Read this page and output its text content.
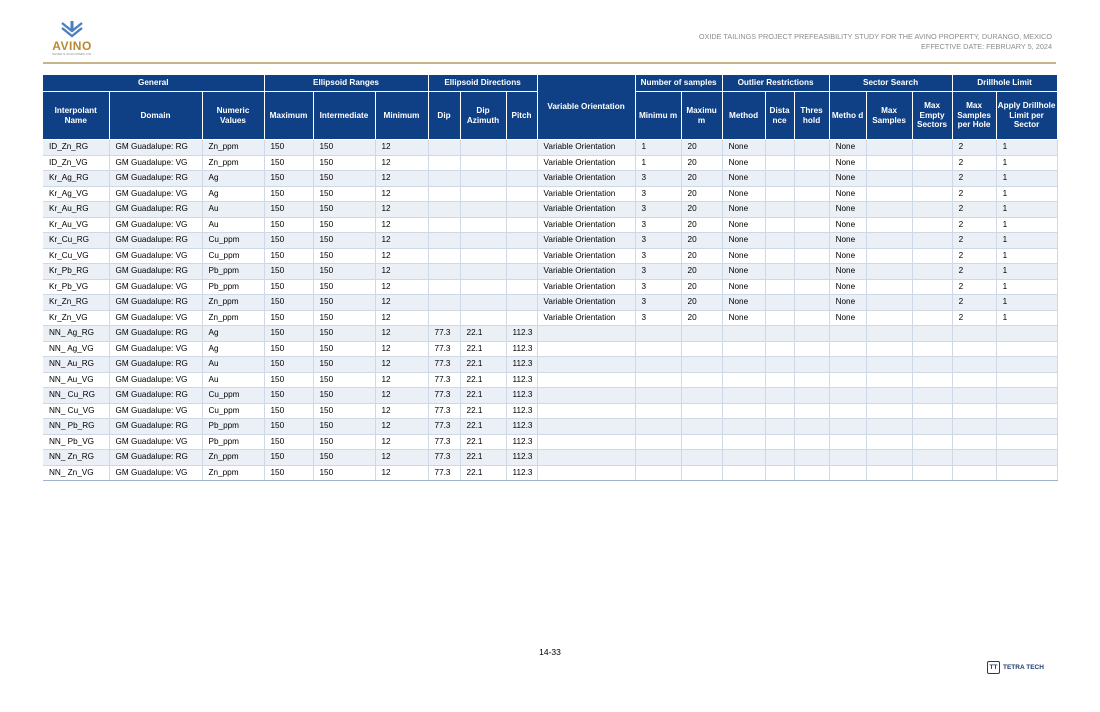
AVINO
SILVER & GOLD MINES LTD.
OXIDE TAILINGS PROJECT PREFEASIBILITY STUDY FOR THE AVINO PROPERTY, DURANGO, MEXICO
EFFECTIVE DATE: FEBRUARY 5, 2024
General			Ellipsoid Ranges			Ellipsoid Directions			Variable Orientation	Number of samples		Outlier Restrictions			Sector Search			Drillhole Limit	
Interpolant Name	Domain	Numeric Values	Maximum	Intermediate	Minimum	Dip	Dip Azimuth	Pitch		Minimu m	Maximu m	Method	Dista nce	Thres hold	Metho d	Max Samples	Max Empty Sectors	Max Samples per Hole	Apply Drillhole Limit per Sector
ID_Zn_RG	GM Guadalupe: RG	Zn_ppm	150	150	12				Variable Orientation	1	20	None			None			2	1
ID_Zn_VG	GM Guadalupe: VG	Zn_ppm	150	150	12				Variable Orientation	1	20	None			None			2	1
Kr_Ag_RG	GM Guadalupe: RG	Ag	150	150	12				Variable Orientation	3	20	None			None			2	1
Kr_Ag_VG	GM Guadalupe: VG	Ag	150	150	12				Variable Orientation	3	20	None			None			2	1
Kr_Au_RG	GM Guadalupe: RG	Au	150	150	12				Variable Orientation	3	20	None			None			2	1
Kr_Au_VG	GM Guadalupe: VG	Au	150	150	12				Variable Orientation	3	20	None			None			2	1
Kr_Cu_RG	GM Guadalupe: RG	Cu_ppm	150	150	12				Variable Orientation	3	20	None			None			2	1
Kr_Cu_VG	GM Guadalupe: VG	Cu_ppm	150	150	12				Variable Orientation	3	20	None			None			2	1
Kr_Pb_RG	GM Guadalupe: RG	Pb_ppm	150	150	12				Variable Orientation	3	20	None			None			2	1
Kr_Pb_VG	GM Guadalupe: VG	Pb_ppm	150	150	12				Variable Orientation	3	20	None			None			2	1
Kr_Zn_RG	GM Guadalupe: RG	Zn_ppm	150	150	12				Variable Orientation	3	20	None			None			2	1
Kr_Zn_VG	GM Guadalupe: VG	Zn_ppm	150	150	12				Variable Orientation	3	20	None			None			2	1
NN_ Ag_RG	GM Guadalupe: RG	Ag	150	150	12	77.3	22.1	112.3											
NN_ Ag_VG	GM Guadalupe: VG	Ag	150	150	12	77.3	22.1	112.3											
NN_ Au_RG	GM Guadalupe: RG	Au	150	150	12	77.3	22.1	112.3											
NN_ Au_VG	GM Guadalupe: VG	Au	150	150	12	77.3	22.1	112.3											
NN_ Cu_RG	GM Guadalupe: RG	Cu_ppm	150	150	12	77.3	22.1	112.3											
NN_ Cu_VG	GM Guadalupe: VG	Cu_ppm	150	150	12	77.3	22.1	112.3											
NN_ Pb_RG	GM Guadalupe: RG	Pb_ppm	150	150	12	77.3	22.1	112.3											
NN_ Pb_VG	GM Guadalupe: VG	Pb_ppm	150	150	12	77.3	22.1	112.3											
NN_ Zn_RG	GM Guadalupe: RG	Zn_ppm	150	150	12	77.3	22.1	112.3											
NN_ Zn_VG	GM Guadalupe: VG	Zn_ppm	150	150	12	77.3	22.1	112.3											
14-33
TT TETRA TECH
